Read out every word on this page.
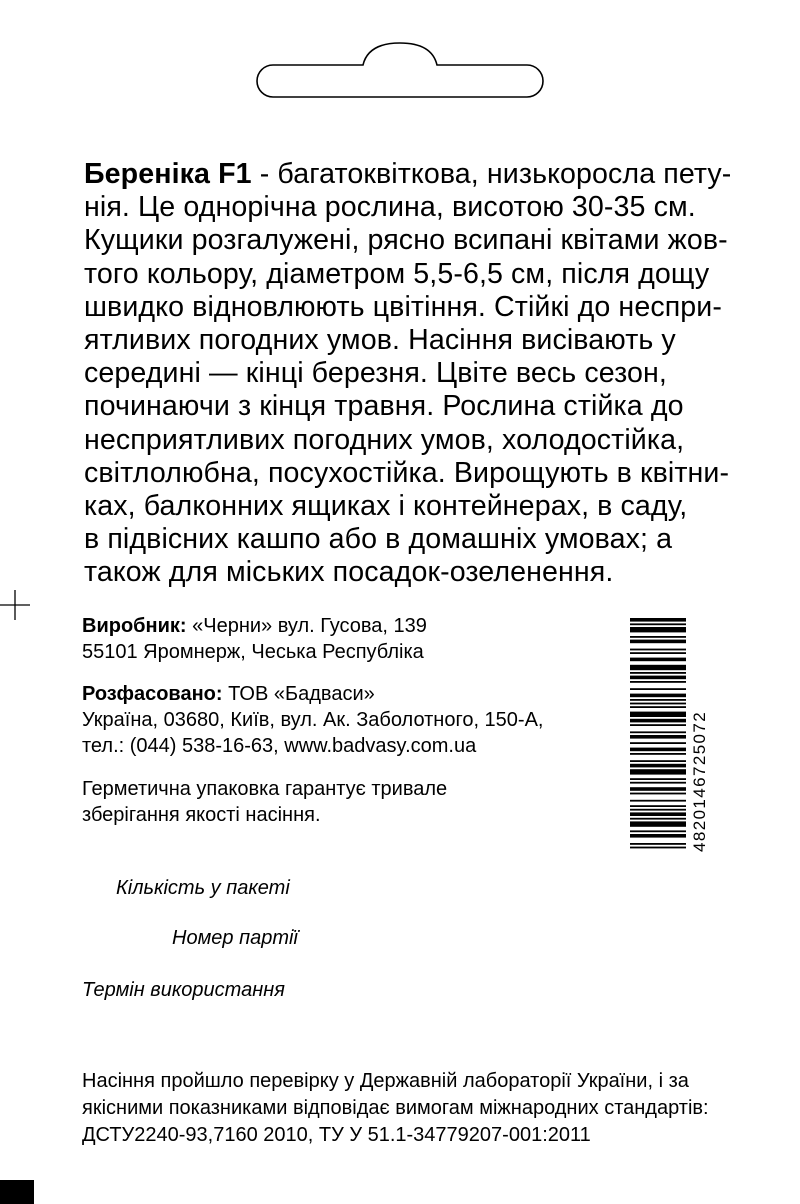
Береніка F1 - багатоквіткова, низькоросла пету-
нія. Це однорічна рослина, висотою 30-35 см.
Кущики розгалужені, рясно всипані квітами жов-
того кольору, діаметром 5,5-6,5 см, після дощу
швидко відновлюють цвітіння. Стійкі до неспри-
ятливих погодних умов. Насіння висівають у
середині — кінці березня. Цвіте весь сезон,
починаючи з кінця травня. Рослина стійка до
несприятливих погодних умов, холодостійка,
світлолюбна, посухостійка. Вирощують в квітни-
ках, балконних ящиках і контейнерах, в саду,
в підвісних кашпо або в домашніх умовах; а
також для міських посадок-озеленення.
Виробник: «Черни» вул. Гусова, 139
55101 Яромнерж, Чеська Республіка
Розфасовано: ТОВ «Бадваси»
Україна, 03680, Київ, вул. Ак. Заболотного, 150-А,
тел.: (044) 538-16-63, www.badvasy.com.ua
Герметична упаковка гарантує тривале
зберігання якості насіння.
Кількість у пакеті
Номер партії
Термін використання
Насіння пройшло перевірку у Державній лабораторії України, і за
якісними показниками відповідає вимогам міжнародних стандартів:
ДСТУ2240-93,7160 2010, ТУ У 51.1-34779207-001:2011
4820146725072
